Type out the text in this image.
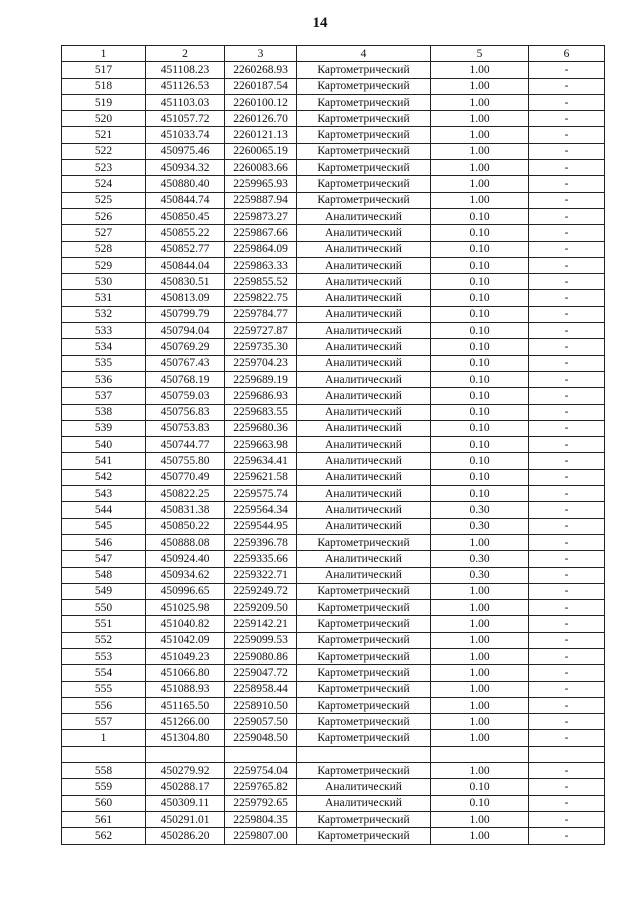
14
1	2	3	4	5	6
517	451108.23	2260268.93	Картометрический	1.00	-
518	451126.53	2260187.54	Картометрический	1.00	-
519	451103.03	2260100.12	Картометрический	1.00	-
520	451057.72	2260126.70	Картометрический	1.00	-
521	451033.74	2260121.13	Картометрический	1.00	-
522	450975.46	2260065.19	Картометрический	1.00	-
523	450934.32	2260083.66	Картометрический	1.00	-
524	450880.40	2259965.93	Картометрический	1.00	-
525	450844.74	2259887.94	Картометрический	1.00	-
526	450850.45	2259873.27	Аналитический	0.10	-
527	450855.22	2259867.66	Аналитический	0.10	-
528	450852.77	2259864.09	Аналитический	0.10	-
529	450844.04	2259863.33	Аналитический	0.10	-
530	450830.51	2259855.52	Аналитический	0.10	-
531	450813.09	2259822.75	Аналитический	0.10	-
532	450799.79	2259784.77	Аналитический	0.10	-
533	450794.04	2259727.87	Аналитический	0.10	-
534	450769.29	2259735.30	Аналитический	0.10	-
535	450767.43	2259704.23	Аналитический	0.10	-
536	450768.19	2259689.19	Аналитический	0.10	-
537	450759.03	2259686.93	Аналитический	0.10	-
538	450756.83	2259683.55	Аналитический	0.10	-
539	450753.83	2259680.36	Аналитический	0.10	-
540	450744.77	2259663.98	Аналитический	0.10	-
541	450755.80	2259634.41	Аналитический	0.10	-
542	450770.49	2259621.58	Аналитический	0.10	-
543	450822.25	2259575.74	Аналитический	0.10	-
544	450831.38	2259564.34	Аналитический	0.30	-
545	450850.22	2259544.95	Аналитический	0.30	-
546	450888.08	2259396.78	Картометрический	1.00	-
547	450924.40	2259335.66	Аналитический	0.30	-
548	450934.62	2259322.71	Аналитический	0.30	-
549	450996.65	2259249.72	Картометрический	1.00	-
550	451025.98	2259209.50	Картометрический	1.00	-
551	451040.82	2259142.21	Картометрический	1.00	-
552	451042.09	2259099.53	Картометрический	1.00	-
553	451049.23	2259080.86	Картометрический	1.00	-
554	451066.80	2259047.72	Картометрический	1.00	-
555	451088.93	2258958.44	Картометрический	1.00	-
556	451165.50	2258910.50	Картометрический	1.00	-
557	451266.00	2259057.50	Картометрический	1.00	-
1	451304.80	2259048.50	Картометрический	1.00	-

558	450279.92	2259754.04	Картометрический	1.00	-
559	450288.17	2259765.82	Аналитический	0.10	-
560	450309.11	2259792.65	Аналитический	0.10	-
561	450291.01	2259804.35	Картометрический	1.00	-
562	450286.20	2259807.00	Картометрический	1.00	-
